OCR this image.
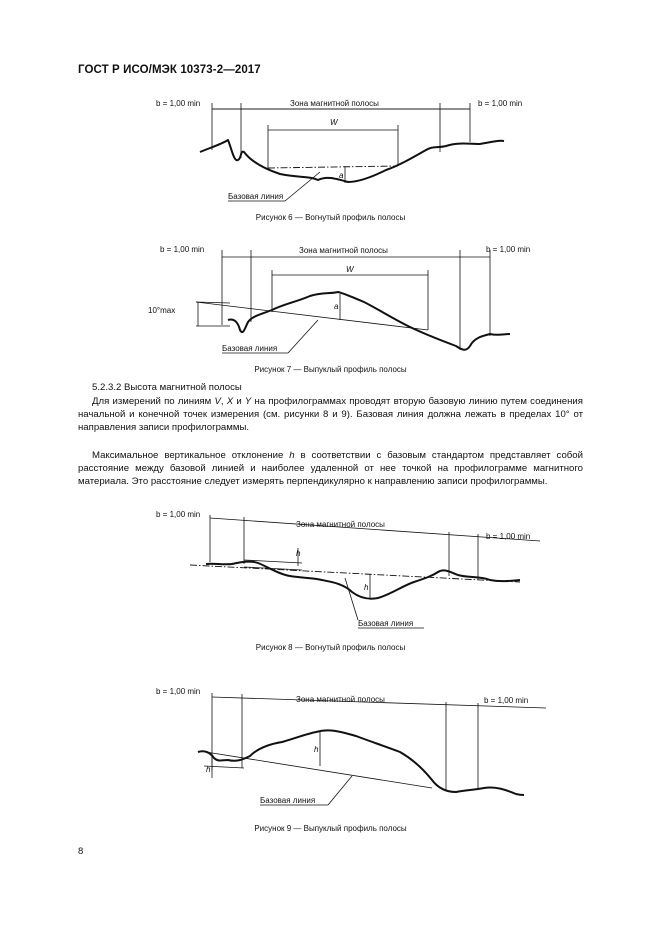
ГОСТ Р ИСО/МЭК 10373-2—2017
b = 1,00 min	Зона магнитной полосы	b = 1,00 min
W
a
Базовая линия
Рисунок 6 — Вогнутый профиль полосы
b = 1,00 min	Зона магнитной полосы	b = 1,00 min
W
10°max	a
Базовая линия
Рисунок 7 — Выпуклый профиль полосы
5.2.3.2 Высота магнитной полосы
Для измерений по линиям V, X и Y на профилограммах проводят вторую базовую линию путем соединения начальной и конечной точек измерения (см. рисунки 8 и 9). Базовая линия должна лежать в пределах 10° от направления записи профилограммы.
Максимальное вертикальное отклонение h в соответствии с базовым стандартом представляет собой расстояние между базовой линией и наиболее удаленной от нее точкой на профилограмме магнитного материала. Это расстояние следует измерять перпендикулярно к направлению записи профилограммы.
b = 1,00 min
Зона магнитной полосы
b = 1,00 min
h
h
Базовая линия
Рисунок 8 — Вогнутый профиль полосы
b = 1,00 min
Зона магнитной полосы	b = 1,00 min
h
h
Базовая линия
Рисунок 9 — Выпуклый профиль полосы
8
